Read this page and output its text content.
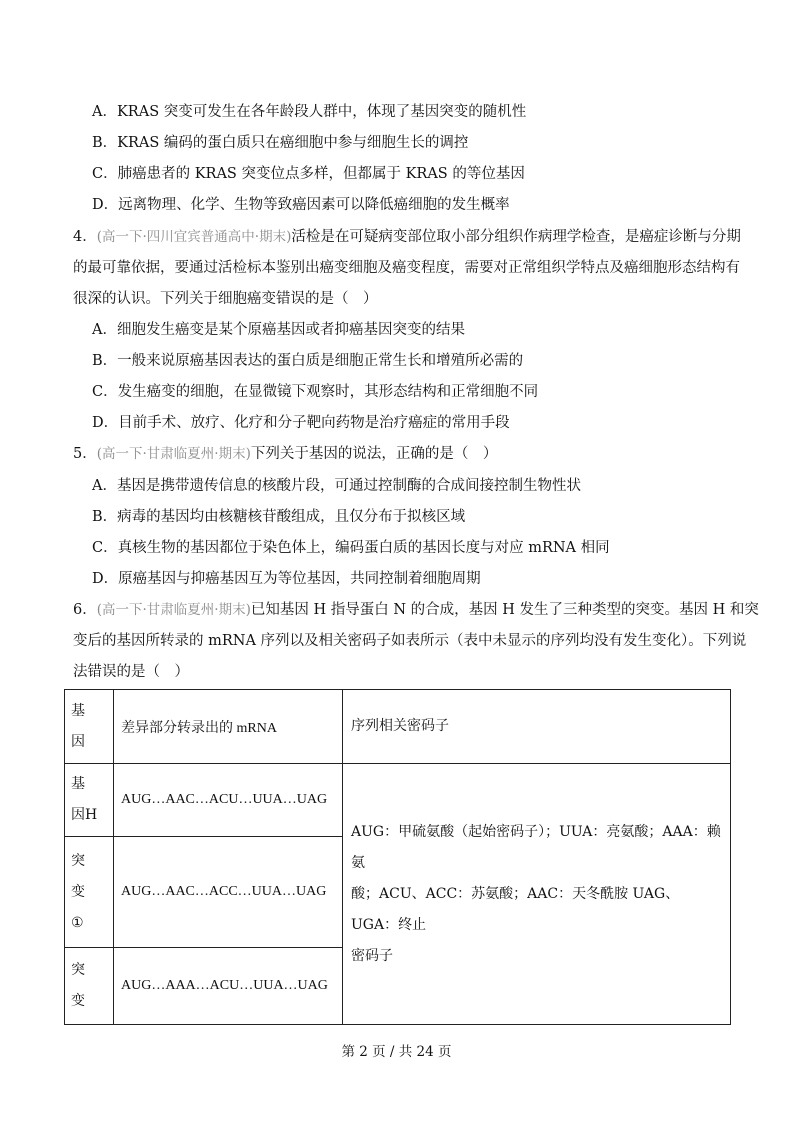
A．KRAS 突变可发生在各年龄段人群中，体现了基因突变的随机性
B．KRAS 编码的蛋白质只在癌细胞中参与细胞生长的调控
C．肺癌患者的 KRAS 突变位点多样，但都属于 KRAS 的等位基因
D．远离物理、化学、生物等致癌因素可以降低癌细胞的发生概率
4．(高一下·四川宜宾普通高中·期末)活检是在可疑病变部位取小部分组织作病理学检查，是癌症诊断与分期
的最可靠依据，要通过活检标本鉴别出癌变细胞及癌变程度，需要对正常组织学特点及癌细胞形态结构有
很深的认识。下列关于细胞癌变错误的是（　）
A．细胞发生癌变是某个原癌基因或者抑癌基因突变的结果
B．一般来说原癌基因表达的蛋白质是细胞正常生长和增殖所必需的
C．发生癌变的细胞，在显微镜下观察时，其形态结构和正常细胞不同
D．目前手术、放疗、化疗和分子靶向药物是治疗癌症的常用手段
5．(高一下·甘肃临夏州·期末)下列关于基因的说法，正确的是（　）
A．基因是携带遗传信息的核酸片段，可通过控制酶的合成间接控制生物性状
B．病毒的基因均由核糖核苷酸组成，且仅分布于拟核区域
C．真核生物的基因都位于染色体上，编码蛋白质的基因长度与对应 mRNA 相同
D．原癌基因与抑癌基因互为等位基因，共同控制着细胞周期
6．(高一下·甘肃临夏州·期末)已知基因 H 指导蛋白 N 的合成，基因 H 发生了三种类型的突变。基因 H 和突
变后的基因所转录的 mRNA 序列以及相关密码子如表所示（表中未显示的序列均没有发生变化）。下列说
法错误的是（　）
基
因	差异部分转录出的 mRNA	序列相关密码子

基
因H	AUG…AAC…ACU…UUA…UAG	AUG：甲硫氨酸（起始密码子）；UUA：亮氨酸；AAA：赖氨
酸；ACU、ACC：苏氨酸；AAC：天冬酰胺 UAG、UGA：终止
密码子

突
变
①	AUG…AAC…ACC…UUA…UAG	

突
变	AUG…AAA…ACU…UUA…UAG	
第 2 页 / 共 24 页
